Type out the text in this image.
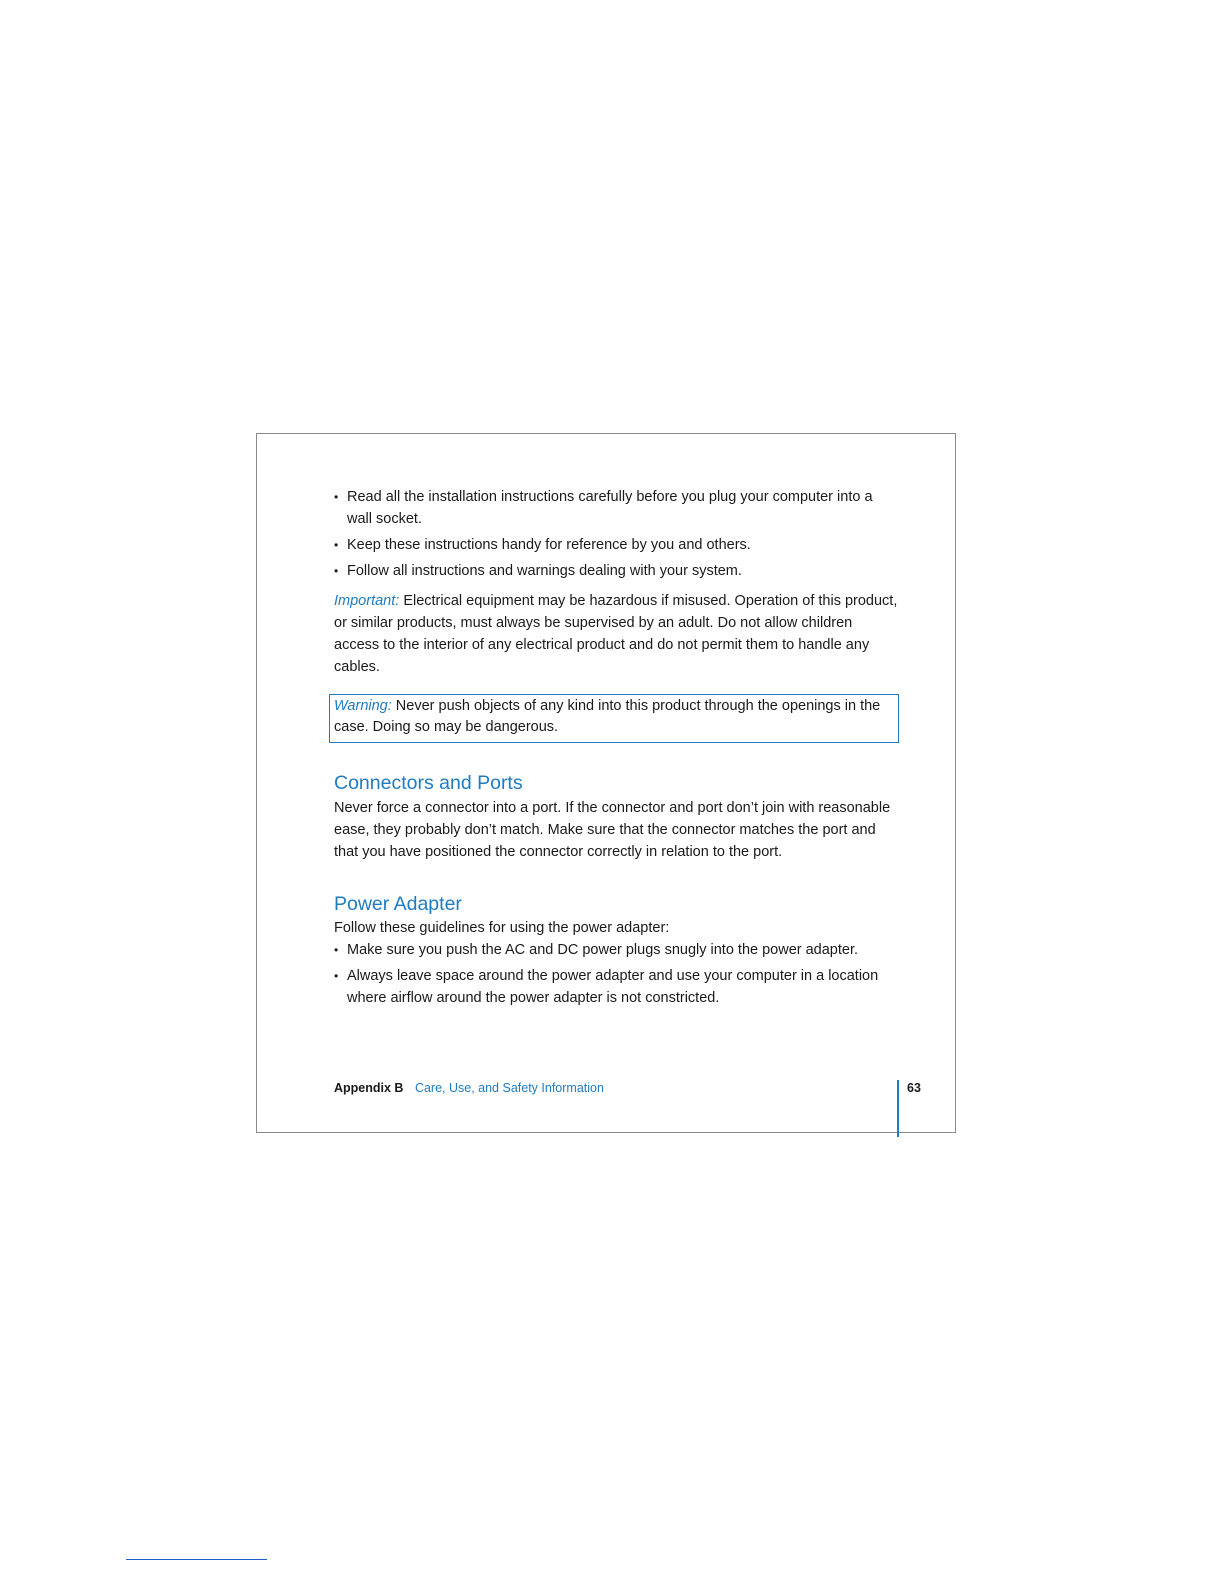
• Read all the installation instructions carefully before you plug your computer into a wall socket.
• Keep these instructions handy for reference by you and others.
• Follow all instructions and warnings dealing with your system.

Important: Electrical equipment may be hazardous if misused. Operation of this product, or similar products, must always be supervised by an adult. Do not allow children access to the interior of any electrical product and do not permit them to handle any cables.

Warning: Never push objects of any kind into this product through the openings in the case. Doing so may be dangerous.
Connectors and Ports

Never force a connector into a port. If the connector and port don’t join with reasonable ease, they probably don’t match. Make sure that the connector matches the port and that you have positioned the connector correctly in relation to the port.

Power Adapter

Follow these guidelines for using the power adapter:

• Make sure you push the AC and DC power plugs snugly into the power adapter.
• Always leave space around the power adapter and use your computer in a location where airflow around the power adapter is not constricted.
Appendix B Care, Use, and Safety Information	63
